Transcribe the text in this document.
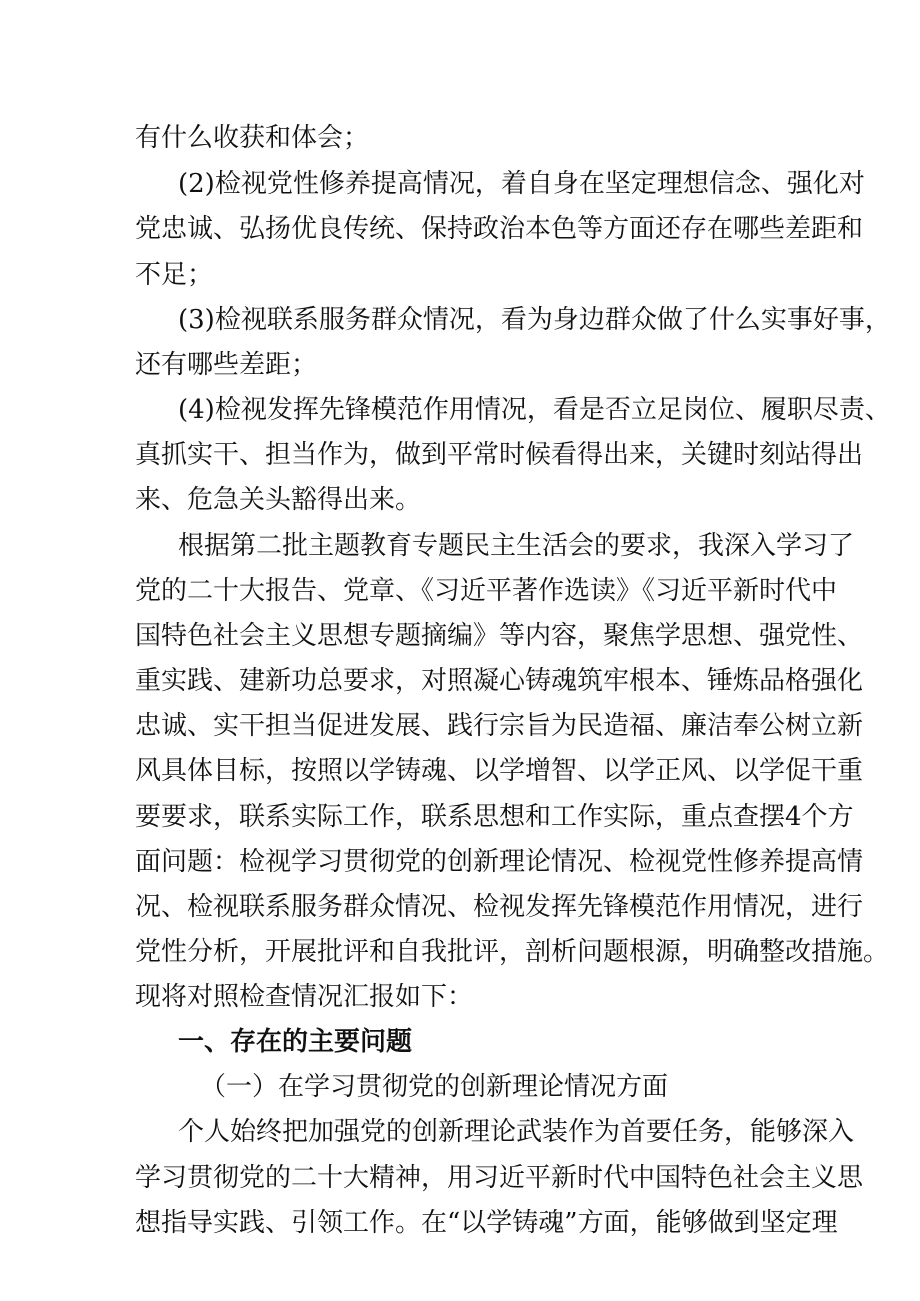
有什么收获和体会；
(2)检视党性修养提高情况，着自身在坚定理想信念、强化对
党忠诚、弘扬优良传统、保持政治本色等方面还存在哪些差距和
不足；
(3)检视联系服务群众情况，看为身边群众做了什么实事好事，
还有哪些差距；
(4)检视发挥先锋模范作用情况，看是否立足岗位、履职尽责、
真抓实干、担当作为，做到平常时候看得出来，关键时刻站得出
来、危急关头豁得出来。
根据第二批主题教育专题民主生活会的要求，我深入学习了
党的二十大报告、党章、《习近平著作选读》《习近平新时代中
国特色社会主义思想专题摘编》等内容，聚焦学思想、强党性、
重实践、建新功总要求，对照凝心铸魂筑牢根本、锤炼品格强化
忠诚、实干担当促进发展、践行宗旨为民造福、廉洁奉公树立新
风具体目标，按照以学铸魂、以学增智、以学正风、以学促干重
要要求，联系实际工作，联系思想和工作实际，重点查摆4个方
面问题：检视学习贯彻党的创新理论情况、检视党性修养提高情
况、检视联系服务群众情况、检视发挥先锋模范作用情况，进行
党性分析，开展批评和自我批评，剖析问题根源，明确整改措施。
现将对照检查情况汇报如下：
一、存在的主要问题
（一）在学习贯彻党的创新理论情况方面
个人始终把加强党的创新理论武装作为首要任务，能够深入
学习贯彻党的二十大精神，用习近平新时代中国特色社会主义思
想指导实践、引领工作。在“以学铸魂”方面，能够做到坚定理
